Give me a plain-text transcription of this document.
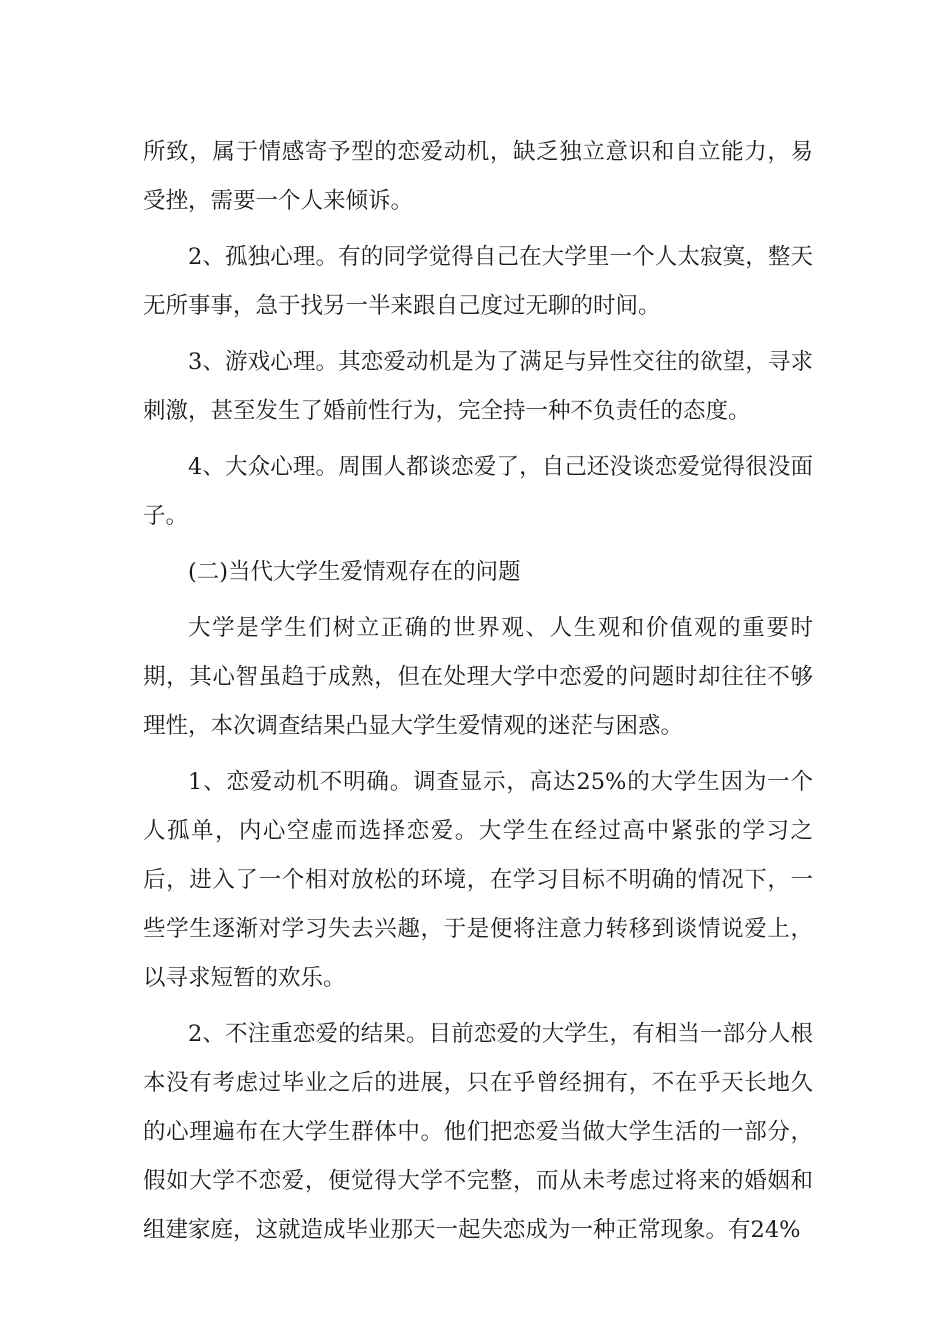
所致，属于情感寄予型的恋爱动机，缺乏独立意识和自立能力，易受挫，需要一个人来倾诉。

2、孤独心理。有的同学觉得自己在大学里一个人太寂寞，整天无所事事，急于找另一半来跟自己度过无聊的时间。

3、游戏心理。其恋爱动机是为了满足与异性交往的欲望，寻求刺激，甚至发生了婚前性行为，完全持一种不负责任的态度。

4、大众心理。周围人都谈恋爱了，自己还没谈恋爱觉得很没面子。

(二)当代大学生爱情观存在的问题

大学是学生们树立正确的世界观、人生观和价值观的重要时期，其心智虽趋于成熟，但在处理大学中恋爱的问题时却往往不够理性，本次调查结果凸显大学生爱情观的迷茫与困惑。

1、恋爱动机不明确。调查显示，高达25%的大学生因为一个人孤单，内心空虚而选择恋爱。大学生在经过高中紧张的学习之后，进入了一个相对放松的环境，在学习目标不明确的情况下，一些学生逐渐对学习失去兴趣，于是便将注意力转移到谈情说爱上，以寻求短暂的欢乐。

2、不注重恋爱的结果。目前恋爱的大学生，有相当一部分人根本没有考虑过毕业之后的进展，只在乎曾经拥有，不在乎天长地久的心理遍布在大学生群体中。他们把恋爱当做大学生活的一部分，假如大学不恋爱，便觉得大学不完整，而从未考虑过将来的婚姻和组建家庭，这就造成毕业那天一起失恋成为一种正常现象。有24%
